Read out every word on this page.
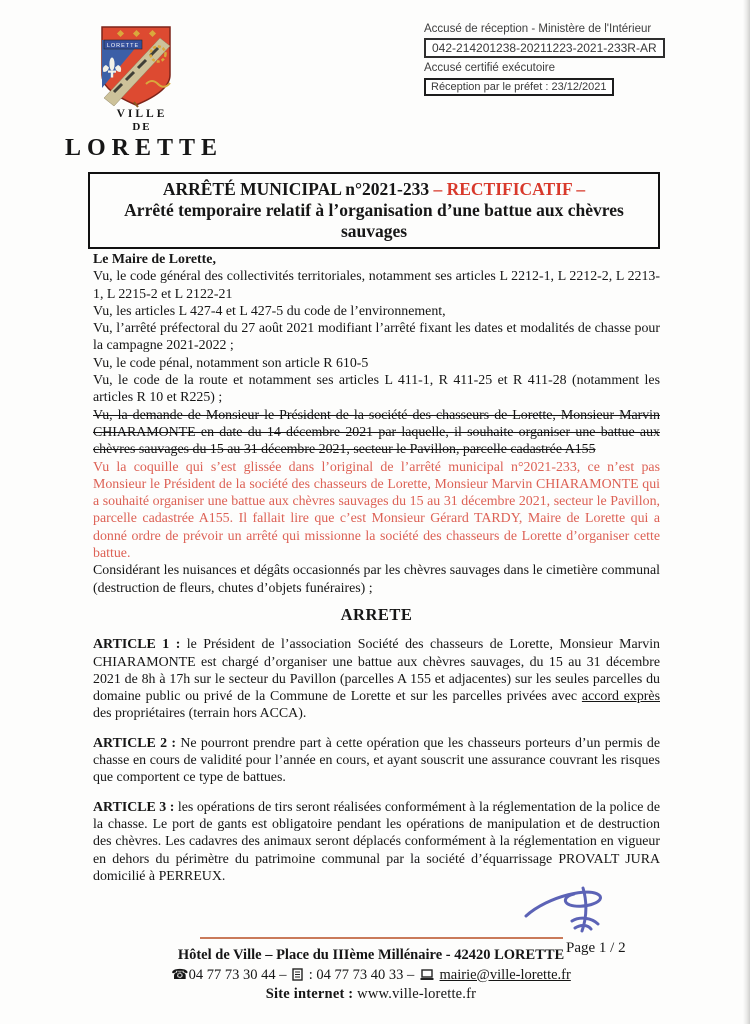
LORETTE
VILLE
DE
LORETTE
Accusé de réception - Ministère de l'Intérieur
042-214201238-20211223-2021-233R-AR
Accusé certifié exécutoire
Réception par le préfet : 23/12/2021
ARRÊTÉ MUNICIPAL n°2021-233 – RECTIFICATIF –
Arrêté temporaire relatif à l’organisation d’une battue aux chèvres sauvages

Le Maire de Lorette,

Vu, le code général des collectivités territoriales, notamment ses articles L 2212-1, L 2212-2, L 2213-1, L 2215-2 et L 2122-21

Vu, les articles L 427-4 et L 427-5 du code de l’environnement,

Vu, l’arrêté préfectoral du 27 août 2021 modifiant l’arrêté fixant les dates et modalités de chasse pour la campagne 2021-2022 ;

Vu, le code pénal, notamment son article R 610-5

Vu, le code de la route et notamment ses articles L 411-1, R 411-25 et R 411-28 (notamment les articles R 10 et R225) ;

Vu, la demande de Monsieur le Président de la société des chasseurs de Lorette, Monsieur Marvin CHIARAMONTE en date du 14 décembre 2021 par laquelle, il souhaite organiser une battue aux chèvres sauvages du 15 au 31 décembre 2021, secteur le Pavillon, parcelle cadastrée A155

Vu la coquille qui s’est glissée dans l’original de l’arrêté municipal n°2021-233, ce n’est pas Monsieur le Président de la société des chasseurs de Lorette, Monsieur Marvin CHIARAMONTE qui a souhaité organiser une battue aux chèvres sauvages du 15 au 31 décembre 2021, secteur le Pavillon, parcelle cadastrée A155. Il fallait lire que c’est Monsieur Gérard TARDY, Maire de Lorette qui a donné ordre de prévoir un arrêté qui missionne la société des chasseurs de Lorette d’organiser cette battue.

Considérant les nuisances et dégâts occasionnés par les chèvres sauvages dans le cimetière communal (destruction de fleurs, chutes d’objets funéraires) ;

ARRETE

ARTICLE 1 : le Président de l’association Société des chasseurs de Lorette, Monsieur Marvin CHIARAMONTE est chargé d’organiser une battue aux chèvres sauvages, du 15 au 31 décembre 2021 de 8h à 17h sur le secteur du Pavillon (parcelles A 155 et adjacentes) sur les seules parcelles du domaine public ou privé de la Commune de Lorette et sur les parcelles privées avec accord exprès des propriétaires (terrain hors ACCA).

ARTICLE 2 : Ne pourront prendre part à cette opération que les chasseurs porteurs d’un permis de chasse en cours de validité pour l’année en cours, et ayant souscrit une assurance couvrant les risques que comportent ce type de battues.

ARTICLE 3 : les opérations de tirs seront réalisées conformément à la réglementation de la police de la chasse. Le port de gants est obligatoire pendant les opérations de manipulation et de destruction des chèvres. Les cadavres des animaux seront déplacés conformément à la réglementation en vigueur en dehors du périmètre du patrimoine communal par la société d’équarrissage PROVALT JURA domicilié à PERREUX.

Page 1 / 2
Hôtel de Ville – Place du IIIème Millénaire - 42420 LORETTE
☎04 77 73 30 44 – : 04 77 73 40 33 – mairie@ville-lorette.fr
Site internet : www.ville-lorette.fr
